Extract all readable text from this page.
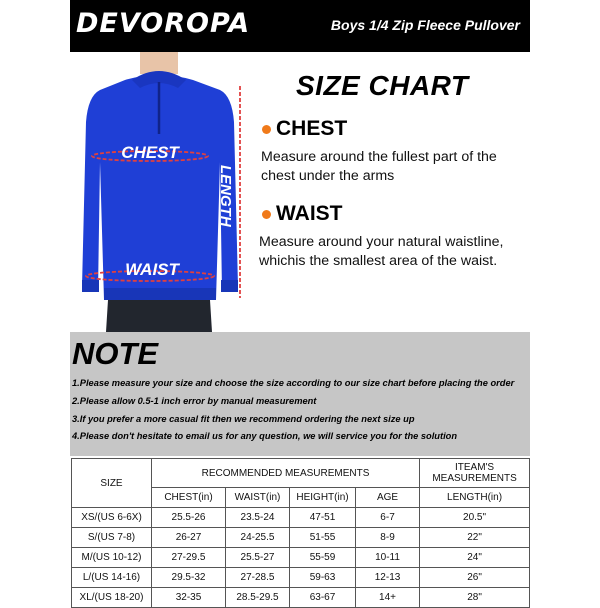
DEVOROPA	Boys 1/4 Zip Fleece Pullover
CHEST
WAIST
LENGTH
SIZE CHART
CHEST
Measure around the fullest part of the
chest under the arms
WAIST
Measure around your natural waistline,
whichis the smallest area of the waist.
NOTE
1.Please measure your size and choose the size according to our size chart before placing the order
2.Please allow 0.5-1 inch error by manual measurement
3.If you prefer a more casual fit then we recommend ordering the next size up
4.Please don't hesitate to email us for any question, we will service you for the solution
SIZE	RECOMMENDED MEASUREMENTS				ITEAM'S
MEASUREMENTS

	CHEST(in)	WAIST(in)	HEIGHT(in)	AGE	LENGTH(in)
XS/(US 6-6X)	25.5-26	23.5-24	47-51	6-7	20.5"
S/(US 7-8)	26-27	24-25.5	51-55	8-9	22"
M/(US 10-12)	27-29.5	25.5-27	55-59	10-11	24"
L/(US 14-16)	29.5-32	27-28.5	59-63	12-13	26"
XL/(US 18-20)	32-35	28.5-29.5	63-67	14+	28"
